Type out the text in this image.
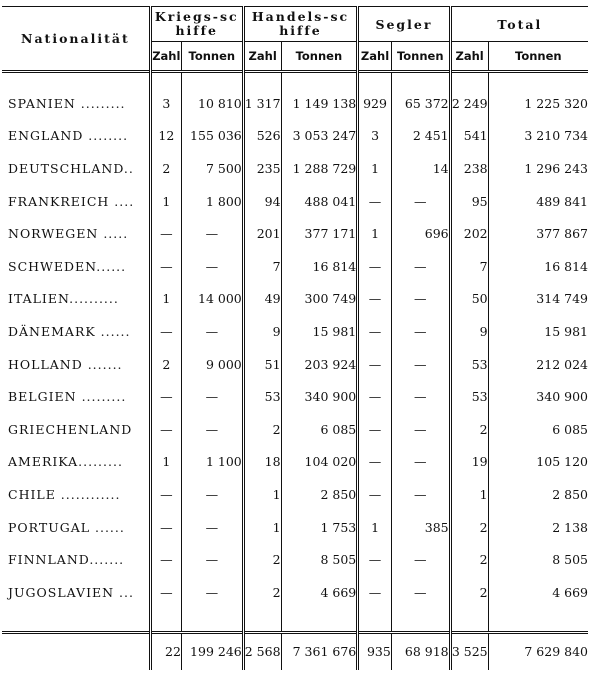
Nationalität	Kriegs-schiffe		Handels-schiffe		Segler		Total	
	Zahl	Tonnen	Zahl	Tonnen	Zahl	Tonnen	Zahl	Tonnen

SPANIEN .........	3	10 810	1 317	1 149 138	929	65 372	2 249	1 225 320
ENGLAND ........	12	155 036	526	3 053 247	3	2 451	541	3 210 734
DEUTSCHLAND..	2	7 500	235	1 288 729	1	14	238	1 296 243
FRANKREICH ....	1	1 800	94	488 041	—	—	95	489 841
NORWEGEN .....	—	—	201	377 171	1	696	202	377 867
SCHWEDEN......	—	—	7	16 814	—	—	7	16 814
ITALIEN..........	1	14 000	49	300 749	—	—	50	314 749
DÄNEMARK ......	—	—	9	15 981	—	—	9	15 981
HOLLAND .......	2	9 000	51	203 924	—	—	53	212 024
BELGIEN .........	—	—	53	340 900	—	—	53	340 900
GRIECHENLAND	—	—	2	6 085	—	—	2	6 085
AMERIKA.........	1	1 100	18	104 020	—	—	19	105 120
CHILE ............	—	—	1	2 850	—	—	1	2 850
PORTUGAL ......	—	—	1	1 753	1	385	2	2 138
FINNLAND.......	—	—	2	8 505	—	—	2	8 505
JUGOSLAVIEN ...	—	—	2	4 669	—	—	2	4 669

	22	199 246	2 568	7 361 676	935	68 918	3 525	7 629 840
